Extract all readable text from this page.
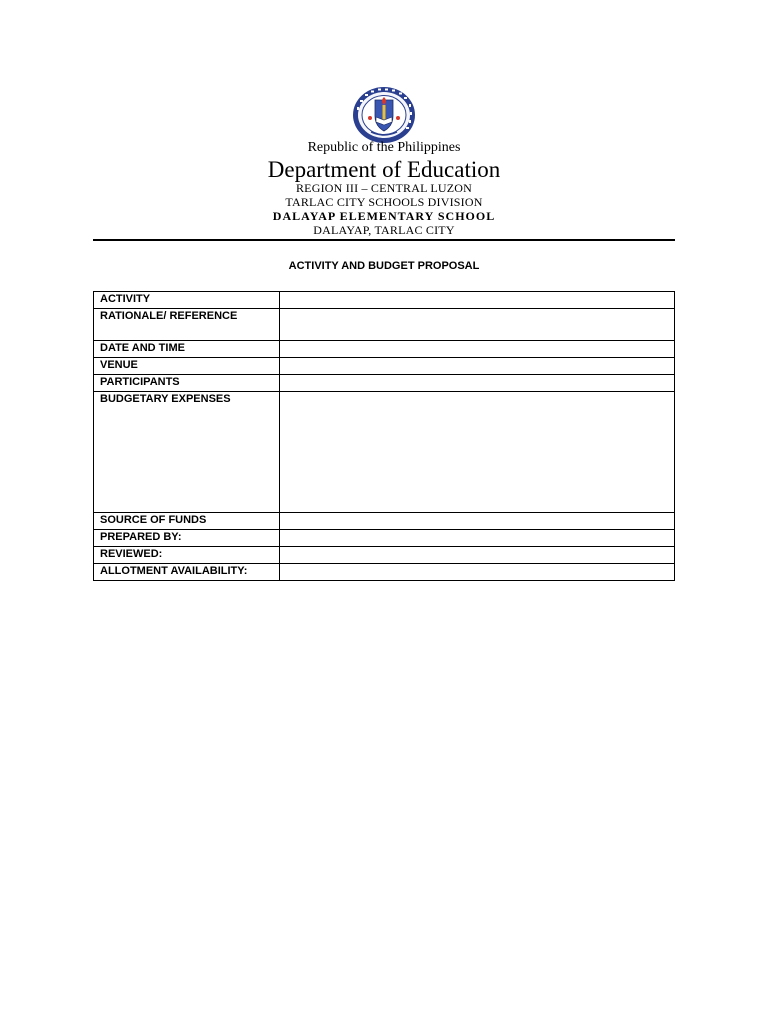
Republic of the Philippines
Department of Education
REGION III – CENTRAL LUZON
TARLAC CITY SCHOOLS DIVISION
DALAYAP ELEMENTARY SCHOOL
DALAYAP, TARLAC CITY
ACTIVITY AND BUDGET PROPOSAL
ACTIVITY	
RATIONALE/ REFERENCE	
DATE AND TIME	
VENUE	
PARTICIPANTS	
BUDGETARY EXPENSES	
SOURCE OF FUNDS	
PREPARED BY:	
REVIEWED:	
ALLOTMENT AVAILABILITY:	
